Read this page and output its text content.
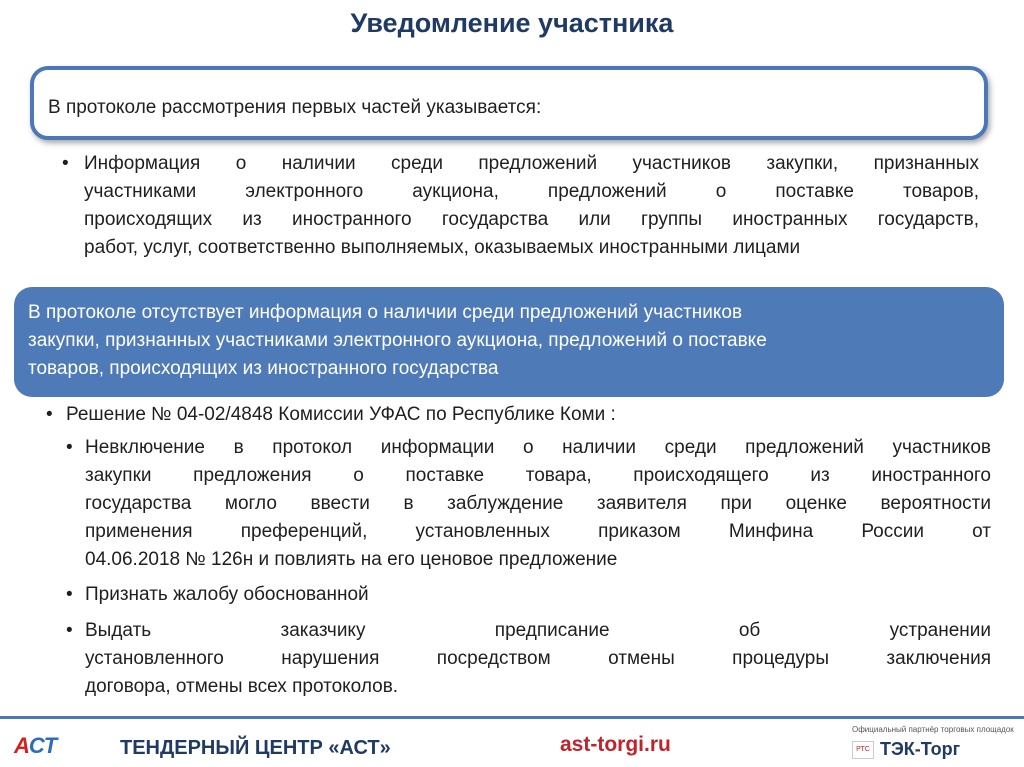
Уведомление участника
В протоколе рассмотрения первых частей указывается:
• Информация о наличии среди предложений участников закупки, признанных
участниками электронного аукциона, предложений о поставке товаров,
происходящих из иностранного государства или группы иностранных государств,
работ, услуг, соответственно выполняемых, оказываемых иностранными лицами
В протоколе отсутствует информация о наличии среди предложений участников
закупки, признанных участниками электронного аукциона, предложений о поставке
товаров, происходящих из иностранного государства
• Решение № 04-02/4848 Комиссии УФАС по Республике Коми :
• Невключение в протокол информации о наличии среди предложений участников
закупки предложения о поставке товара, происходящего из иностранного
государства могло ввести в заблуждение заявителя при оценке вероятности
применения преференций, установленных приказом Минфина России от
04.06.2018 № 126н и повлиять на его ценовое предложение
• Признать жалобу обоснованной
• Выдать заказчику предписание об устранении
установленного нарушения посредством отмены процедуры заключения
договора, отмены всех протоколов.
ACT	ТЕНДЕРНЫЙ ЦЕНТР «АСТ»	ast-torgi.ru
Официальный партнёр торговых площадок
РТС ТЭК-Торг
